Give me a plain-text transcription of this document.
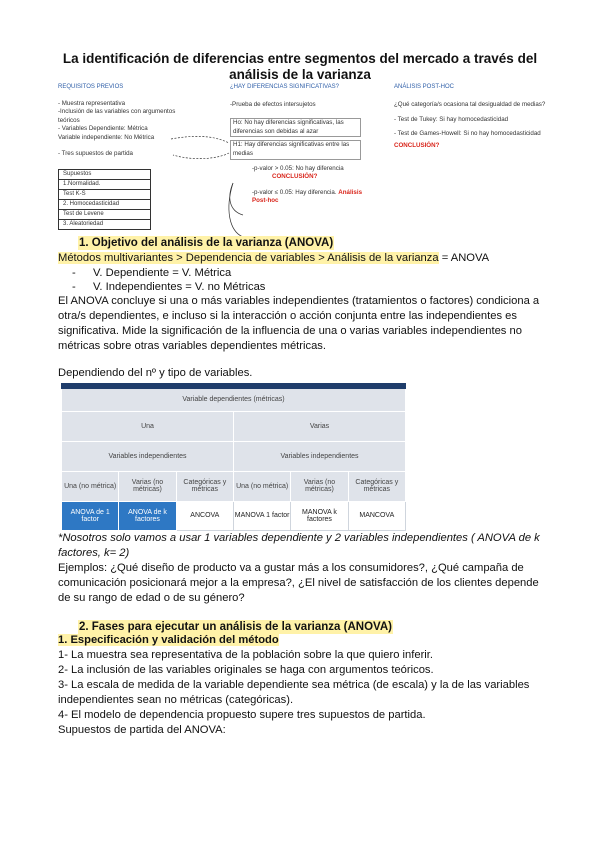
La identificación de diferencias entre segmentos del mercado a través del análisis de la varianza
REQUISITOS PREVIOS
- Muestra representativa
-Inclusión de las variables con argumentos
teóricos
- Variables Dependiente: Métrica
Variable independiente: No Métrica
- Tres supuestos de partida
Supuestos
1.Normalidad.
Test K-S
2. Homocedasticidad
Test de Levene
3. Aleatoriedad
¿HAY DIFERENCIAS SIGNIFICATIVAS?
-Prueba de efectos intersujetos
Ho: No hay diferencias significativas, las diferencias son debidas al azar
H1: Hay diferencias significativas entre las medias
-p-valor > 0.05: No hay diferencia
CONCLUSIÓN?
-p-valor ≤ 0.05: Hay diferencia. Análisis
Post-hoc
ANÁLISIS POST-HOC
¿Qué categoría/s ocasiona tal desigualdad de medias?
- Test de Tukey: Si hay homocedasticidad
- Test de Games-Howell: Si no hay homocedasticidad
CONCLUSIÓN?
1. Objetivo del análisis de la varianza (ANOVA)
Métodos multivariantes > Dependencia de variables > Análisis de la varianza = ANOVA
- V. Dependiente = V. Métrica
- V. Independientes = V. no Métricas
El ANOVA concluye si una o más variables independientes (tratamientos o factores) condiciona a
otra/s dependientes, e incluso si la interacción o acción conjunta entre las independientes es
significativa. Mide la significación de la influencia de una o varias variables independientes no
métricas sobre otras variables dependientes métricas.
Dependiendo del nº y tipo de variables.
Variable dependientes (métricas)					
Una			Varias		
Variables independientes			Variables independientes		
Una (no métrica)	Varias (no métricas)	Categóricas y métricas	Una (no métrica)	Varias (no métricas)	Categóricas y métricas
ANOVA de 1 factor	ANOVA de k factores	ANCOVA	MANOVA 1 factor	MANOVA k factores	MANCOVA
*Nosotros solo vamos a usar 1 variables dependiente y 2 variables independientes ( ANOVA de k
factores, k= 2)
Ejemplos: ¿Qué diseño de producto va a gustar más a los consumidores?, ¿Qué campaña de
comunicación posicionará mejor a la empresa?, ¿El nivel de satisfacción de los clientes depende
de su rango de edad o de su género?
2. Fases para ejecutar un análisis de la varianza (ANOVA)
1. Especificación y validación del método
1- La muestra sea representativa de la población sobre la que quiero inferir.
2- La inclusión de las variables originales se haga con argumentos teóricos.
3- La escala de medida de la variable dependiente sea métrica (de escala) y la de las variables
independientes sean no métricas (categóricas).
4- El modelo de dependencia propuesto supere tres supuestos de partida.
Supuestos de partida del ANOVA:
